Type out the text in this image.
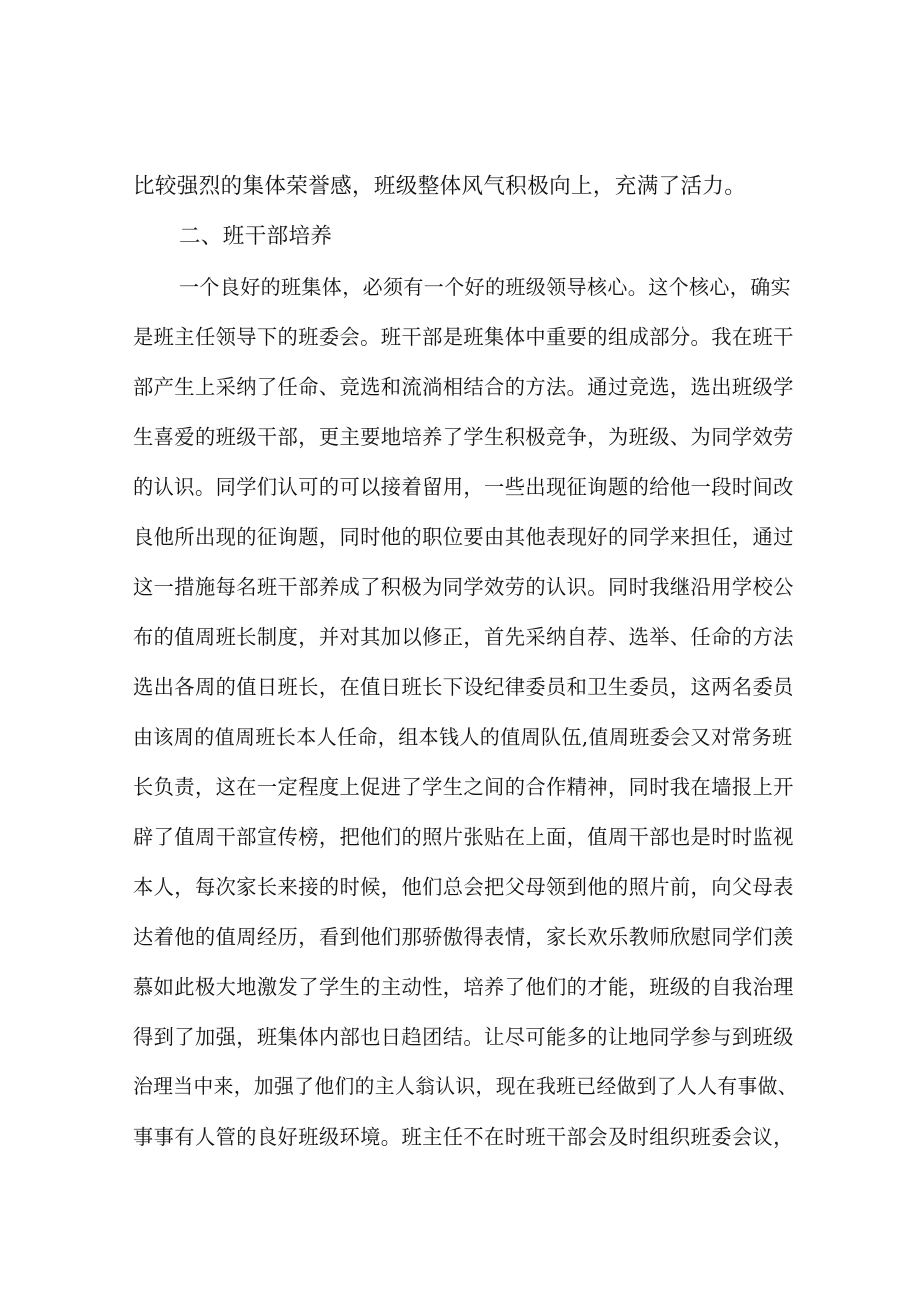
比较强烈的集体荣誉感，班级整体风气积极向上，充满了活力。
二、班干部培养
一个良好的班集体，必须有一个好的班级领导核心。这个核心，确实
是班主任领导下的班委会。班干部是班集体中重要的组成部分。我在班干
部产生上采纳了任命、竞选和流淌相结合的方法。通过竞选，选出班级学
生喜爱的班级干部，更主要地培养了学生积极竞争，为班级、为同学效劳
的认识。同学们认可的可以接着留用，一些出现征询题的给他一段时间改
良他所出现的征询题，同时他的职位要由其他表现好的同学来担任，通过
这一措施每名班干部养成了积极为同学效劳的认识。同时我继沿用学校公
布的值周班长制度，并对其加以修正，首先采纳自荐、选举、任命的方法
选出各周的值日班长，在值日班长下设纪律委员和卫生委员，这两名委员
由该周的值周班长本人任命，组本钱人的值周队伍,值周班委会又对常务班
长负责，这在一定程度上促进了学生之间的合作精神，同时我在墙报上开
辟了值周干部宣传榜，把他们的照片张贴在上面，值周干部也是时时监视
本人，每次家长来接的时候，他们总会把父母领到他的照片前，向父母表
达着他的值周经历，看到他们那骄傲得表情，家长欢乐教师欣慰同学们羡
慕如此极大地激发了学生的主动性，培养了他们的才能，班级的自我治理
得到了加强，班集体内部也日趋团结。让尽可能多的让地同学参与到班级
治理当中来，加强了他们的主人翁认识，现在我班已经做到了人人有事做、
事事有人管的良好班级环境。班主任不在时班干部会及时组织班委会议，
